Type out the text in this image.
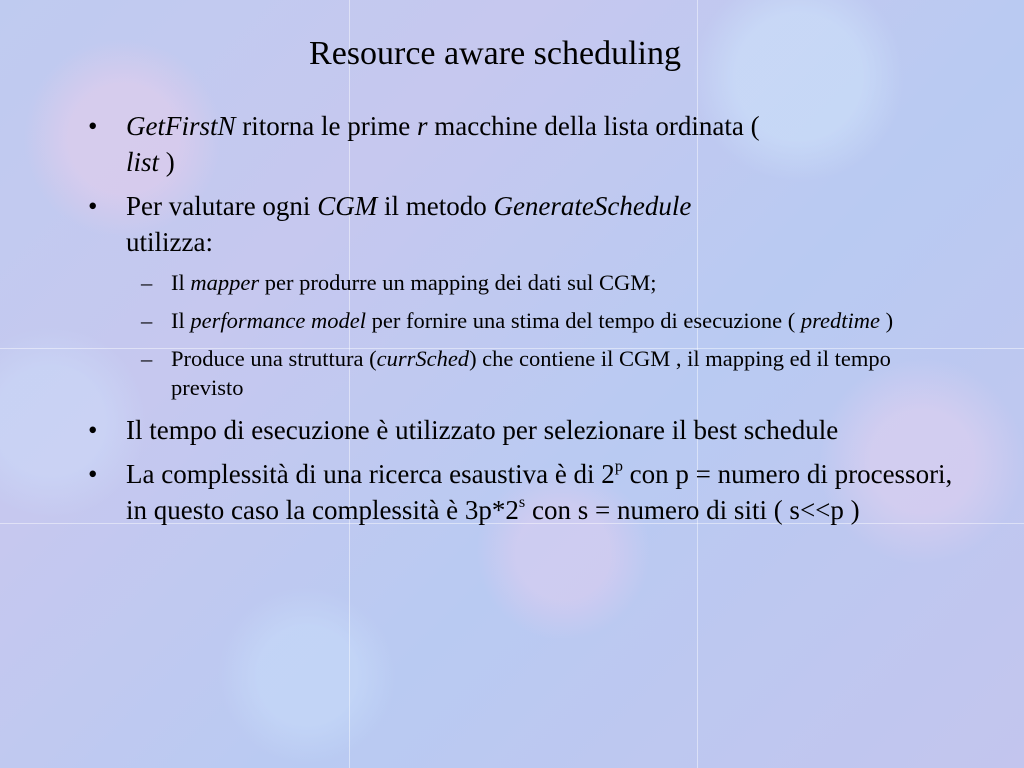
Resource aware scheduling
• GetFirstN ritorna le prime r macchine della lista ordinata (
list )
• Per valutare ogni CGM il metodo GenerateSchedule
utilizza:
– Il mapper per produrre un mapping dei dati sul CGM;
– Il performance model per fornire una stima del tempo di esecuzione ( predtime )
– Produce una struttura (currSched) che contiene il CGM , il mapping ed il tempo previsto
• Il tempo di esecuzione è utilizzato per selezionare il best schedule
• La complessità di una ricerca esaustiva è di 2$^p$ con p = numero di processori, in questo caso la complessità è 3p*2$^s$ con s = numero di siti ( s<<p )
